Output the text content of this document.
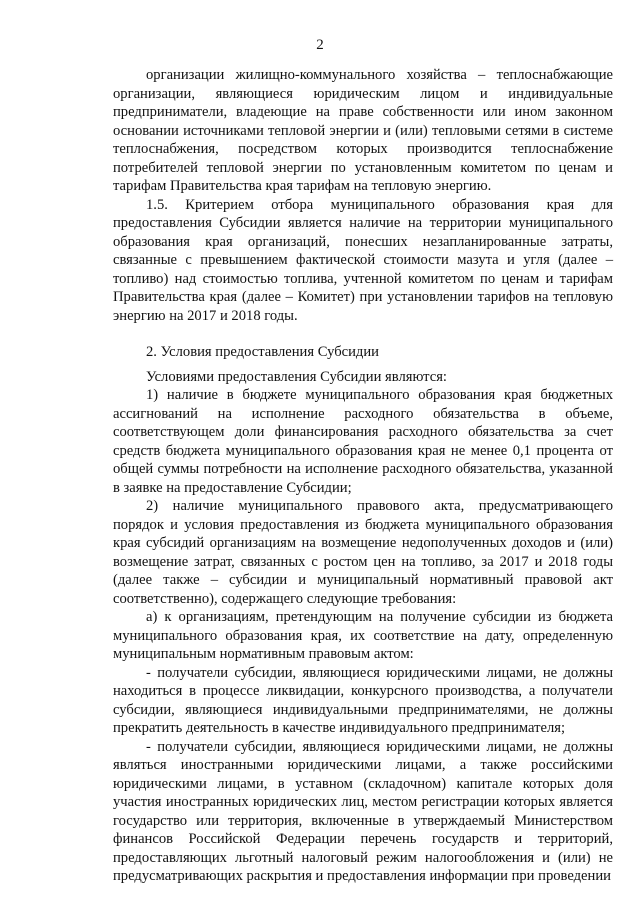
2

организации жилищно-коммунального хозяйства – теплоснабжающие организации, являющиеся юридическим лицом и индивидуальные предприниматели, владеющие на праве собственности или ином законном основании источниками тепловой энергии и (или) тепловыми сетями в системе теплоснабжения, посредством которых производится теплоснабжение потребителей тепловой энергии по установленным комитетом по ценам и тарифам Правительства края тарифам на тепловую энергию.

1.5. Критерием отбора муниципального образования края для предоставления Субсидии является наличие на территории муниципального образования края организаций, понесших незапланированные затраты, связанные с превышением фактической стоимости мазута и угля (далее – топливо) над стоимостью топлива, учтенной комитетом по ценам и тарифам Правительства края (далее – Комитет) при установлении тарифов на тепловую энергию на 2017 и 2018 годы.

2. Условия предоставления Субсидии

Условиями предоставления Субсидии являются:

1) наличие в бюджете муниципального образования края бюджетных ассигнований на исполнение расходного обязательства в объеме, соответствующем доли финансирования расходного обязательства за счет средств бюджета муниципального образования края не менее 0,1 процента от общей суммы потребности на исполнение расходного обязательства, указанной в заявке на предоставление Субсидии;

2) наличие муниципального правового акта, предусматривающего порядок и условия предоставления из бюджета муниципального образования края субсидий организациям на возмещение недополученных доходов и (или) возмещение затрат, связанных с ростом цен на топливо, за 2017 и 2018 годы (далее также – субсидии и муниципальный нормативный правовой акт соответственно), содержащего следующие требования:

а) к организациям, претендующим на получение субсидии из бюджета муниципального образования края, их соответствие на дату, определенную муниципальным нормативным правовым актом:

- получатели субсидии, являющиеся юридическими лицами, не должны находиться в процессе ликвидации, конкурсного производства, а получатели субсидии, являющиеся индивидуальными предпринимателями, не должны прекратить деятельность в качестве индивидуального предпринимателя;

- получатели субсидии, являющиеся юридическими лицами, не должны являться иностранными юридическими лицами, а также российскими юридическими лицами, в уставном (складочном) капитале которых доля участия иностранных юридических лиц, местом регистрации которых является государство или территория, включенные в утверждаемый Министерством финансов Российской Федерации перечень государств и территорий, предоставляющих льготный налоговый режим налогообложения и (или) не предусматривающих раскрытия и предоставления информации при проведении
